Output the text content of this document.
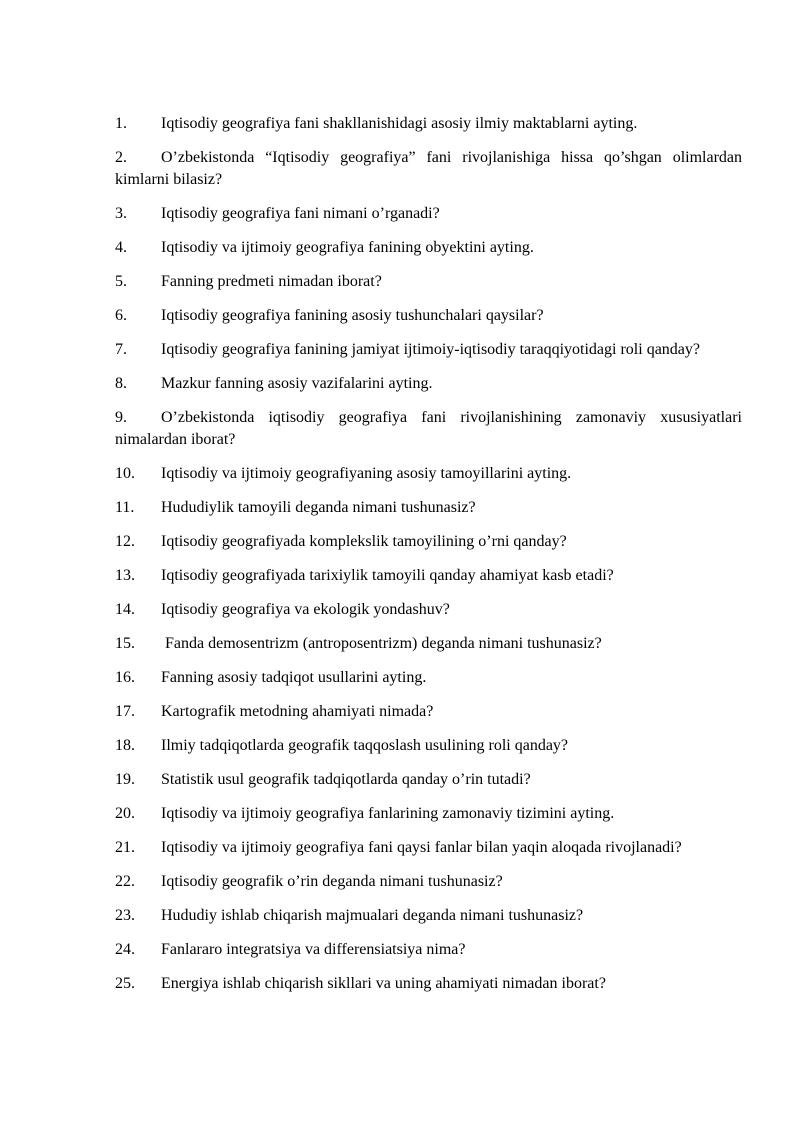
1. Iqtisodiy geografiya fani shakllanishidagi asosiy ilmiy maktablarni ayting.
2. O’zbekistonda “Iqtisodiy geografiya” fani rivojlanishiga hissa qo’shgan olimlardan kimlarni bilasiz?
3. Iqtisodiy geografiya fani nimani o’rganadi?
4. Iqtisodiy va ijtimoiy geografiya fanining obyektini ayting.
5. Fanning predmeti nimadan iborat?
6. Iqtisodiy geografiya fanining asosiy tushunchalari qaysilar?
7. Iqtisodiy geografiya fanining jamiyat ijtimoiy-iqtisodiy taraqqiyotidagi roli qanday?
8. Mazkur fanning asosiy vazifalarini ayting.
9. O’zbekistonda iqtisodiy geografiya fani rivojlanishining zamonaviy xususiyatlari nimalardan iborat?
10. Iqtisodiy va ijtimoiy geografiyaning asosiy tamoyillarini ayting.
11. Hududiylik tamoyili deganda nimani tushunasiz?
12. Iqtisodiy geografiyada komplekslik tamoyilining o’rni qanday?
13. Iqtisodiy geografiyada tarixiylik tamoyili qanday ahamiyat kasb etadi?
14. Iqtisodiy geografiya va ekologik yondashuv?
15. Fanda demosentrizm (antroposentrizm) deganda nimani tushunasiz?
16. Fanning asosiy tadqiqot usullarini ayting.
17. Kartografik metodning ahamiyati nimada?
18. Ilmiy tadqiqotlarda geografik taqqoslash usulining roli qanday?
19. Statistik usul geografik tadqiqotlarda qanday o’rin tutadi?
20. Iqtisodiy va ijtimoiy geografiya fanlarining zamonaviy tizimini ayting.
21. Iqtisodiy va ijtimoiy geografiya fani qaysi fanlar bilan yaqin aloqada rivojlanadi?
22. Iqtisodiy geografik o’rin deganda nimani tushunasiz?
23. Hududiy ishlab chiqarish majmualari deganda nimani tushunasiz?
24. Fanlararo integratsiya va differensiatsiya nima?
25. Energiya ishlab chiqarish sikllari va uning ahamiyati nimadan iborat?
